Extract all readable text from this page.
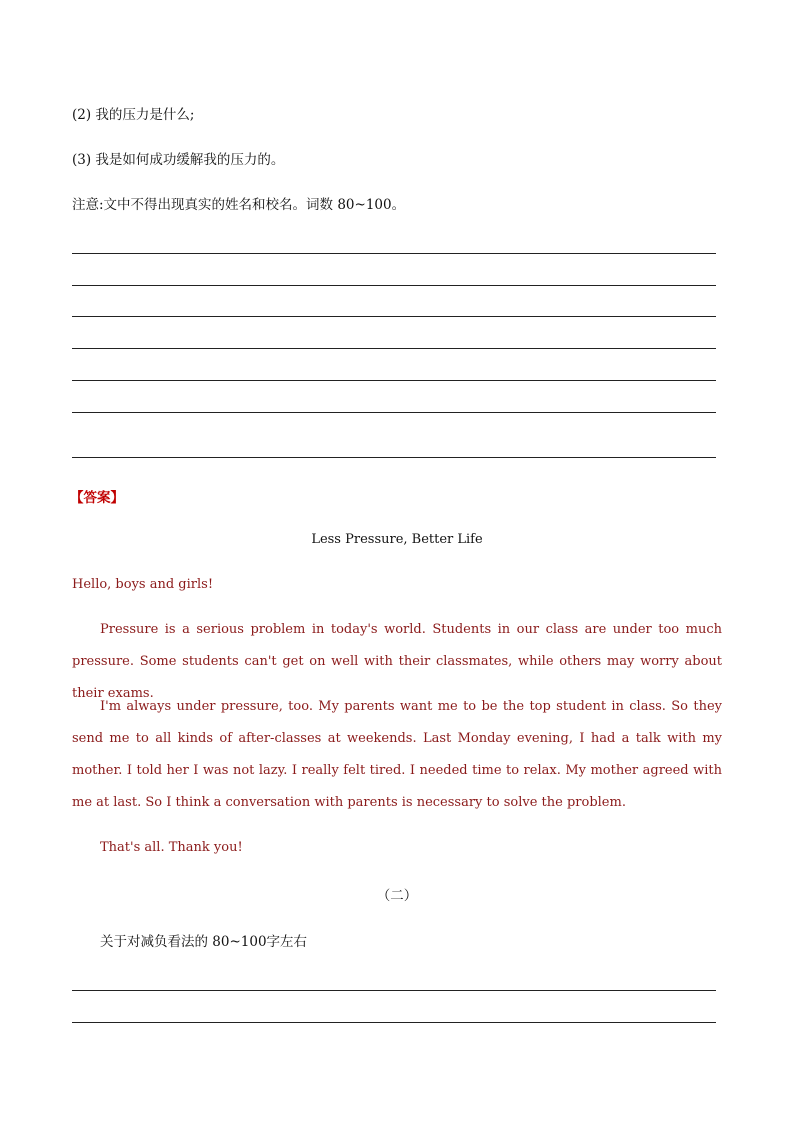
(2) 我的压力是什么;

(3) 我是如何成功缓解我的压力的。

注意:文中不得出现真实的姓名和校名。词数 80~100。

【答案】

Less Pressure, Better Life

Hello, boys and girls!

Pressure is a serious problem in today's world. Students in our class are under too much pressure. Some students can't get on well with their classmates, while others may worry about their exams.

I'm always under pressure, too. My parents want me to be the top student in class. So they send me to all kinds of after-classes at weekends. Last Monday evening, I had a talk with my mother. I told her I was not lazy. I really felt tired. I needed time to relax. My mother agreed with me at last. So I think a conversation with parents is necessary to solve the problem.

That's all. Thank you!

（二）

关于对减负看法的 80~100字左右
